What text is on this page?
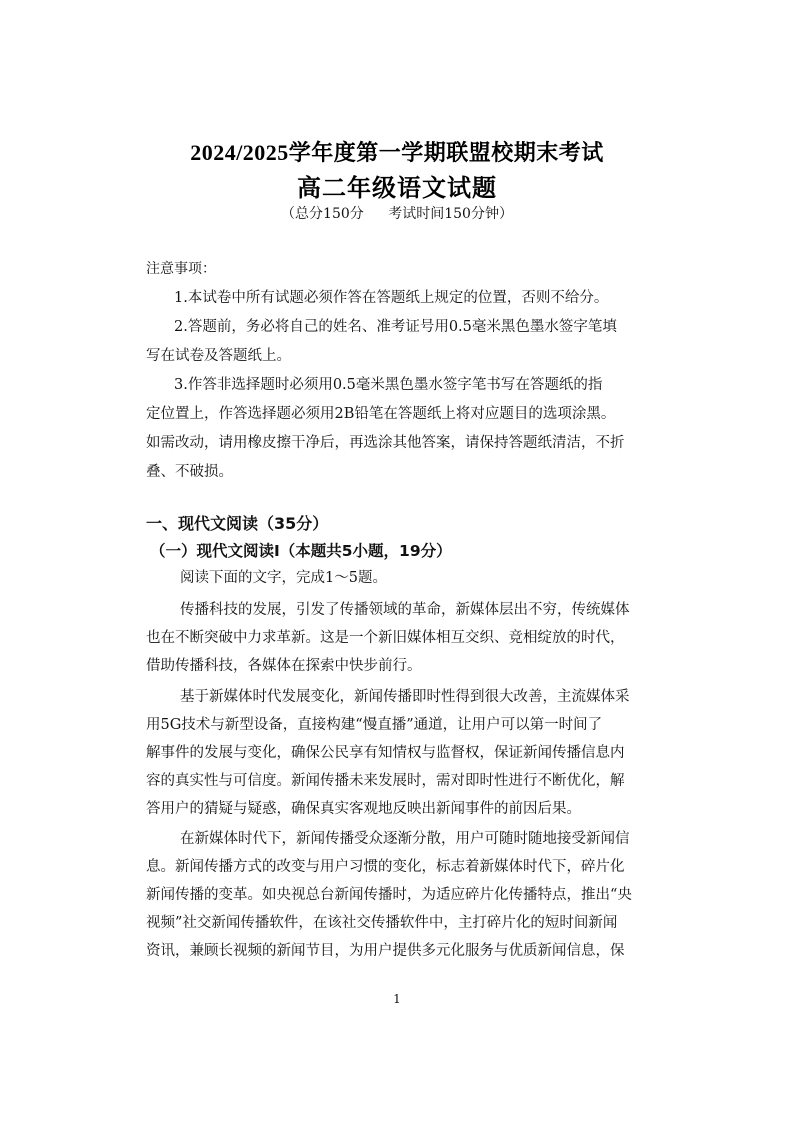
2024/2025学年度第一学期联盟校期末考试
高二年级语文试题
（总分150分 考试时间150分钟）
注意事项：
1.本试卷中所有试题必须作答在答题纸上规定的位置，否则不给分。
2.答题前，务必将自己的姓名、准考证号用0.5毫米黑色墨水签字笔填
写在试卷及答题纸上。
3.作答非选择题时必须用0.5毫米黑色墨水签字笔书写在答题纸的指
定位置上，作答选择题必须用2B铅笔在答题纸上将对应题目的选项涂黑。
如需改动，请用橡皮擦干净后，再选涂其他答案，请保持答题纸清洁，不折
叠、不破损。
一、现代文阅读（35分）
（一）现代文阅读Ⅰ（本题共5小题，19分）
阅读下面的文字，完成1～5题。
传播科技的发展，引发了传播领域的革命，新媒体层出不穷，传统媒体
也在不断突破中力求革新。这是一个新旧媒体相互交织、竞相绽放的时代，
借助传播科技，各媒体在探索中快步前行。
基于新媒体时代发展变化，新闻传播即时性得到很大改善，主流媒体采
用5G技术与新型设备，直接构建“慢直播”通道，让用户可以第一时间了
解事件的发展与变化，确保公民享有知情权与监督权，保证新闻传播信息内
容的真实性与可信度。新闻传播未来发展时，需对即时性进行不断优化，解
答用户的猜疑与疑惑，确保真实客观地反映出新闻事件的前因后果。
在新媒体时代下，新闻传播受众逐渐分散，用户可随时随地接受新闻信
息。新闻传播方式的改变与用户习惯的变化，标志着新媒体时代下，碎片化
新闻传播的变革。如央视总台新闻传播时，为适应碎片化传播特点，推出“央
视频”社交新闻传播软件，在该社交传播软件中，主打碎片化的短时间新闻
资讯，兼顾长视频的新闻节目，为用户提供多元化服务与优质新闻信息，保
1
